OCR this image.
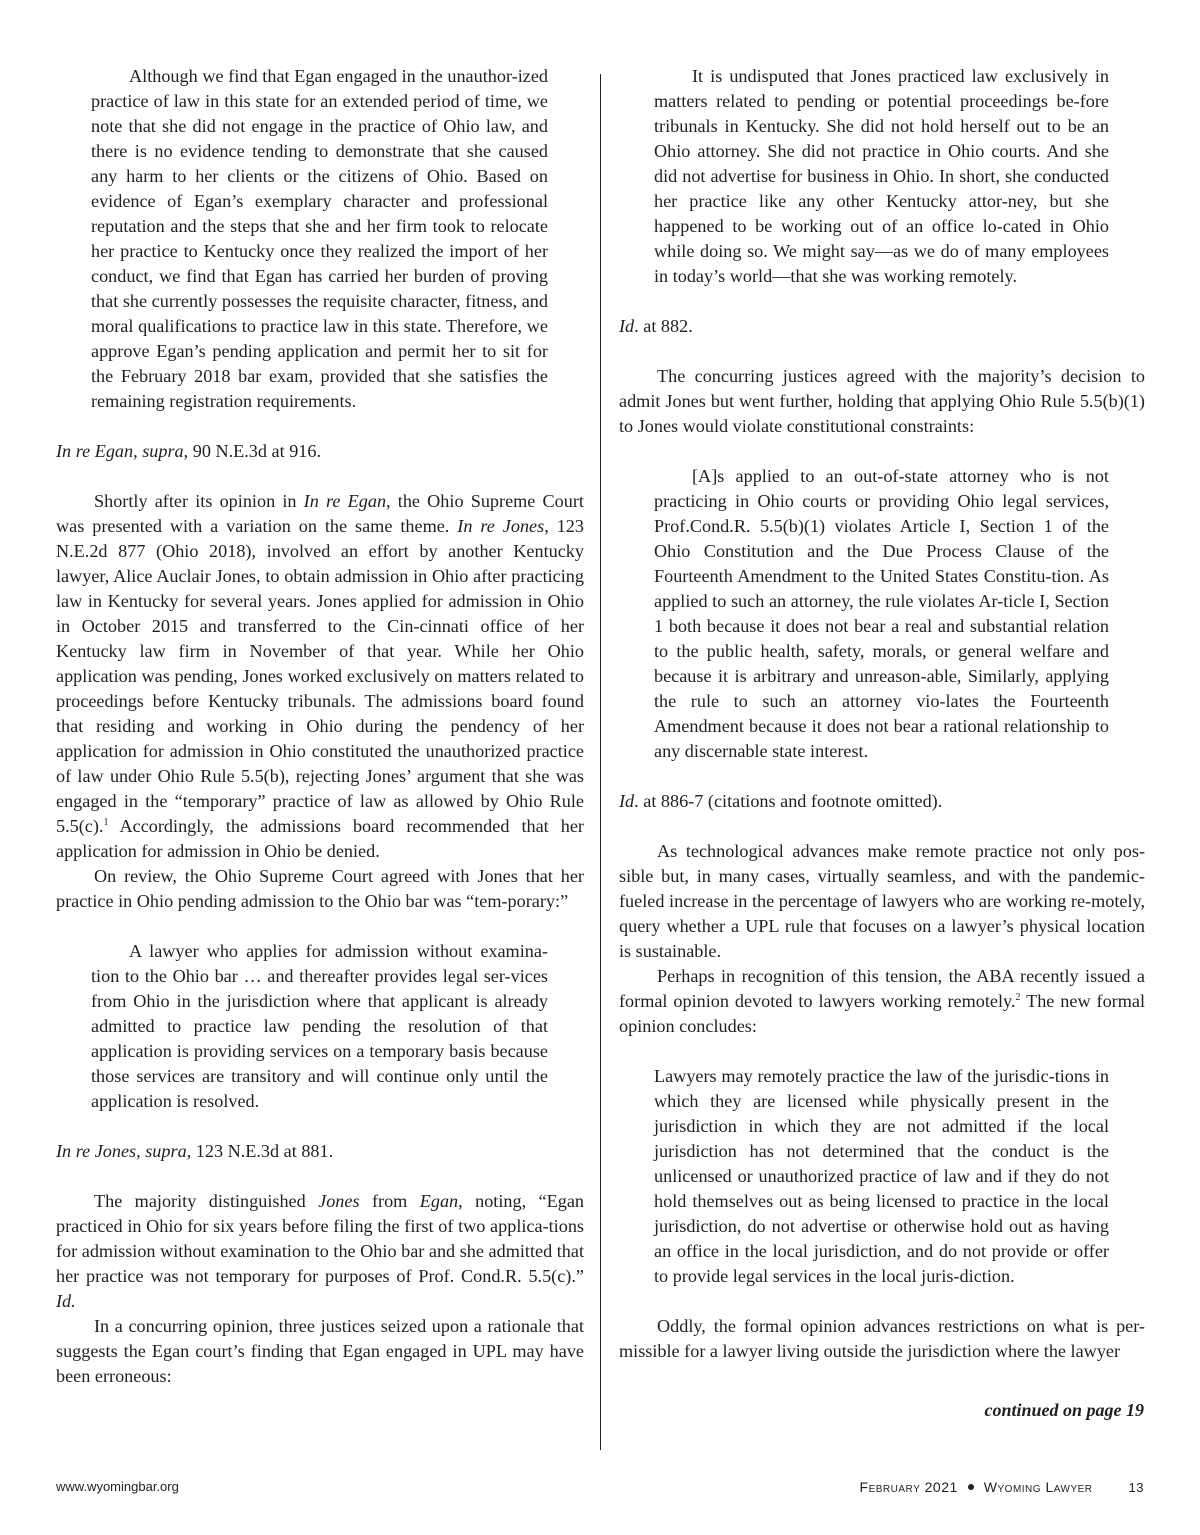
Although we find that Egan engaged in the unauthor-ized practice of law in this state for an extended period of time, we note that she did not engage in the practice of Ohio law, and there is no evidence tending to demonstrate that she caused any harm to her clients or the citizens of Ohio. Based on evidence of Egan’s exemplary character and professional reputation and the steps that she and her firm took to relocate her practice to Kentucky once they realized the import of her conduct, we find that Egan has carried her burden of proving that she currently possesses the requisite character, fitness, and moral qualifications to practice law in this state. Therefore, we approve Egan’s pending application and permit her to sit for the February 2018 bar exam, provided that she satisfies the remaining registration requirements.

In re Egan, supra, 90 N.E.3d at 916.

Shortly after its opinion in In re Egan, the Ohio Supreme Court was presented with a variation on the same theme. In re Jones, 123 N.E.2d 877 (Ohio 2018), involved an effort by another Kentucky lawyer, Alice Auclair Jones, to obtain admission in Ohio after practicing law in Kentucky for several years. Jones applied for admission in Ohio in October 2015 and transferred to the Cin-cinnati office of her Kentucky law firm in November of that year. While her Ohio application was pending, Jones worked exclusively on matters related to proceedings before Kentucky tribunals. The admissions board found that residing and working in Ohio during the pendency of her application for admission in Ohio constituted the unauthorized practice of law under Ohio Rule 5.5(b), rejecting Jones’ argument that she was engaged in the “temporary” practice of law as allowed by Ohio Rule 5.5(c).$^1$ Accordingly, the admissions board recommended that her application for admission in Ohio be denied.

On review, the Ohio Supreme Court agreed with Jones that her practice in Ohio pending admission to the Ohio bar was “tem-porary:”

A lawyer who applies for admission without examina-tion to the Ohio bar … and thereafter provides legal ser-vices from Ohio in the jurisdiction where that applicant is already admitted to practice law pending the resolution of that application is providing services on a temporary basis because those services are transitory and will continue only until the application is resolved.

In re Jones, supra, 123 N.E.3d at 881.

The majority distinguished Jones from Egan, noting, “Egan practiced in Ohio for six years before filing the first of two applica-tions for admission without examination to the Ohio bar and she admitted that her practice was not temporary for purposes of Prof. Cond.R. 5.5(c).” Id.

In a concurring opinion, three justices seized upon a rationale that suggests the Egan court’s finding that Egan engaged in UPL may have been erroneous:

It is undisputed that Jones practiced law exclusively in matters related to pending or potential proceedings be-fore tribunals in Kentucky. She did not hold herself out to be an Ohio attorney. She did not practice in Ohio courts. And she did not advertise for business in Ohio. In short, she conducted her practice like any other Kentucky attor-ney, but she happened to be working out of an office lo-cated in Ohio while doing so. We might say—as we do of many employees in today’s world—that she was working remotely.

Id. at 882.

The concurring justices agreed with the majority’s decision to admit Jones but went further, holding that applying Ohio Rule 5.5(b)(1) to Jones would violate constitutional constraints:

[A]s applied to an out-of-state attorney who is not practicing in Ohio courts or providing Ohio legal services, Prof.Cond.R. 5.5(b)(1) violates Article I, Section 1 of the Ohio Constitution and the Due Process Clause of the Fourteenth Amendment to the United States Constitu-tion. As applied to such an attorney, the rule violates Ar-ticle I, Section 1 both because it does not bear a real and substantial relation to the public health, safety, morals, or general welfare and because it is arbitrary and unreason-able, Similarly, applying the rule to such an attorney vio-lates the Fourteenth Amendment because it does not bear a rational relationship to any discernable state interest.

Id. at 886-7 (citations and footnote omitted).

As technological advances make remote practice not only pos-sible but, in many cases, virtually seamless, and with the pandemic-fueled increase in the percentage of lawyers who are working re-motely, query whether a UPL rule that focuses on a lawyer’s physical location is sustainable.

Perhaps in recognition of this tension, the ABA recently issued a formal opinion devoted to lawyers working remotely.$^2$ The new formal opinion concludes:

Lawyers may remotely practice the law of the jurisdic-tions in which they are licensed while physically present in the jurisdiction in which they are not admitted if the local jurisdiction has not determined that the conduct is the unlicensed or unauthorized practice of law and if they do not hold themselves out as being licensed to practice in the local jurisdiction, do not advertise or otherwise hold out as having an office in the local jurisdiction, and do not provide or offer to provide legal services in the local juris-diction.

Oddly, the formal opinion advances restrictions on what is per-missible for a lawyer living outside the jurisdiction where the lawyer

continued on page 19
www.wyomingbar.org	February 2021 Wyoming Lawyer	13
